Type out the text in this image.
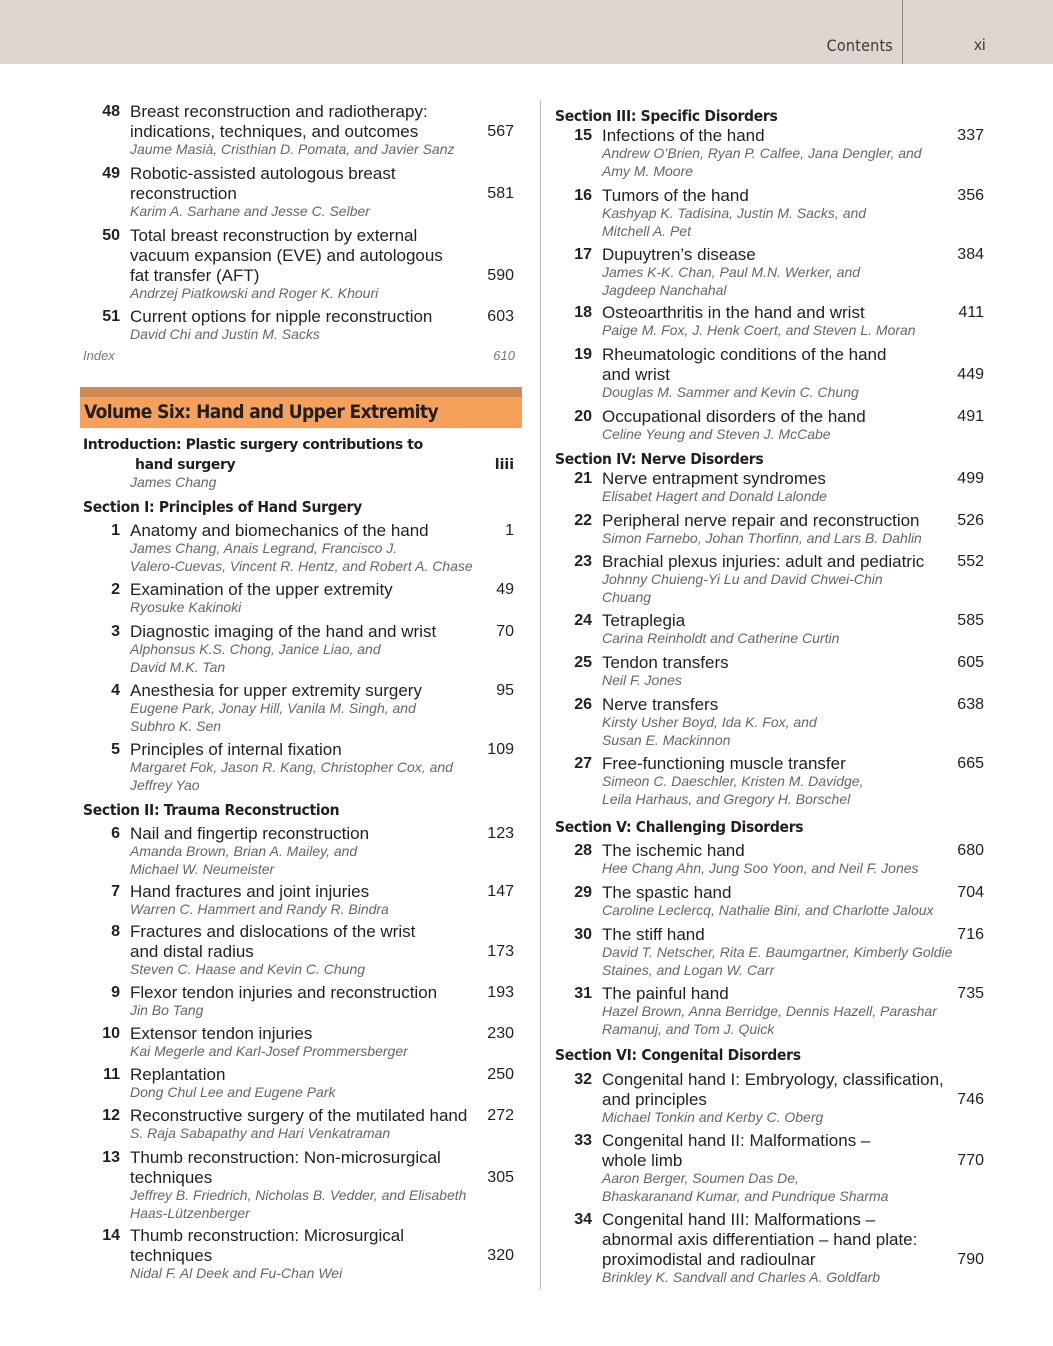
Contents	xi
48 Breast reconstruction and radiotherapy:
indications, techniques, and outcomes	567
Jaume Masià, Cristhian D. Pomata, and Javier Sanz
49 Robotic-assisted autologous breast
reconstruction	581
Karim A. Sarhane and Jesse C. Selber
50 Total breast reconstruction by external
vacuum expansion (EVE) and autologous
fat transfer (AFT)	590
Andrzej Piatkowski and Roger K. Khouri
51 Current options for nipple reconstruction	603
David Chi and Justin M. Sacks
Index	610
Volume Six: Hand and Upper Extremity
Introduction: Plastic surgery contributions to
hand surgery	liii
James Chang
Section I: Principles of Hand Surgery
1 Anatomy and biomechanics of the hand	1
James Chang, Anais Legrand, Francisco J.
Valero-Cuevas, Vincent R. Hentz, and Robert A. Chase
2 Examination of the upper extremity	49
Ryosuke Kakinoki
3 Diagnostic imaging of the hand and wrist	70
Alphonsus K.S. Chong, Janice Liao, and
David M.K. Tan
4 Anesthesia for upper extremity surgery	95
Eugene Park, Jonay Hill, Vanila M. Singh, and
Subhro K. Sen
5 Principles of internal fixation	109
Margaret Fok, Jason R. Kang, Christopher Cox, and
Jeffrey Yao
Section II: Trauma Reconstruction
6 Nail and fingertip reconstruction	123
Amanda Brown, Brian A. Mailey, and
Michael W. Neumeister
7 Hand fractures and joint injuries	147
Warren C. Hammert and Randy R. Bindra
8 Fractures and dislocations of the wrist
and distal radius	173
Steven C. Haase and Kevin C. Chung
9 Flexor tendon injuries and reconstruction	193
Jin Bo Tang
10 Extensor tendon injuries	230
Kai Megerle and Karl-Josef Prommersberger
11 Replantation	250
Dong Chul Lee and Eugene Park
12 Reconstructive surgery of the mutilated hand	272
S. Raja Sabapathy and Hari Venkatraman
13 Thumb reconstruction: Non-microsurgical
techniques	305
Jeffrey B. Friedrich, Nicholas B. Vedder, and Elisabeth
Haas-Lützenberger
14 Thumb reconstruction: Microsurgical
techniques	320
Nidal F. Al Deek and Fu-Chan Wei
Section III: Specific Disorders
15 Infections of the hand	337
Andrew O’Brien, Ryan P. Calfee, Jana Dengler, and
Amy M. Moore
16 Tumors of the hand	356
Kashyap K. Tadisina, Justin M. Sacks, and
Mitchell A. Pet
17 Dupuytren’s disease	384
James K-K. Chan, Paul M.N. Werker, and
Jagdeep Nanchahal
18 Osteoarthritis in the hand and wrist	411
Paige M. Fox, J. Henk Coert, and Steven L. Moran
19 Rheumatologic conditions of the hand
and wrist	449
Douglas M. Sammer and Kevin C. Chung
20 Occupational disorders of the hand	491
Celine Yeung and Steven J. McCabe
Section IV: Nerve Disorders
21 Nerve entrapment syndromes	499
Elisabet Hagert and Donald Lalonde
22 Peripheral nerve repair and reconstruction	526
Simon Farnebo, Johan Thorfinn, and Lars B. Dahlin
23 Brachial plexus injuries: adult and pediatric	552
Johnny Chuieng-Yi Lu and David Chwei-Chin
Chuang
24 Tetraplegia	585
Carina Reinholdt and Catherine Curtin
25 Tendon transfers	605
Neil F. Jones
26 Nerve transfers	638
Kirsty Usher Boyd, Ida K. Fox, and
Susan E. Mackinnon
27 Free-functioning muscle transfer	665
Simeon C. Daeschler, Kristen M. Davidge,
Leila Harhaus, and Gregory H. Borschel
Section V: Challenging Disorders
28 The ischemic hand	680
Hee Chang Ahn, Jung Soo Yoon, and Neil F. Jones
29 The spastic hand	704
Caroline Leclercq, Nathalie Bini, and Charlotte Jaloux
30 The stiff hand	716
David T. Netscher, Rita E. Baumgartner, Kimberly Goldie
Staines, and Logan W. Carr
31 The painful hand	735
Hazel Brown, Anna Berridge, Dennis Hazell, Parashar
Ramanuj, and Tom J. Quick
Section VI: Congenital Disorders
32 Congenital hand I: Embryology, classification,
and principles	746
Michael Tonkin and Kerby C. Oberg
33 Congenital hand II: Malformations –
whole limb	770
Aaron Berger, Soumen Das De,
Bhaskaranand Kumar, and Pundrique Sharma
34 Congenital hand III: Malformations –
abnormal axis differentiation – hand plate:
proximodistal and radioulnar	790
Brinkley K. Sandvall and Charles A. Goldfarb
